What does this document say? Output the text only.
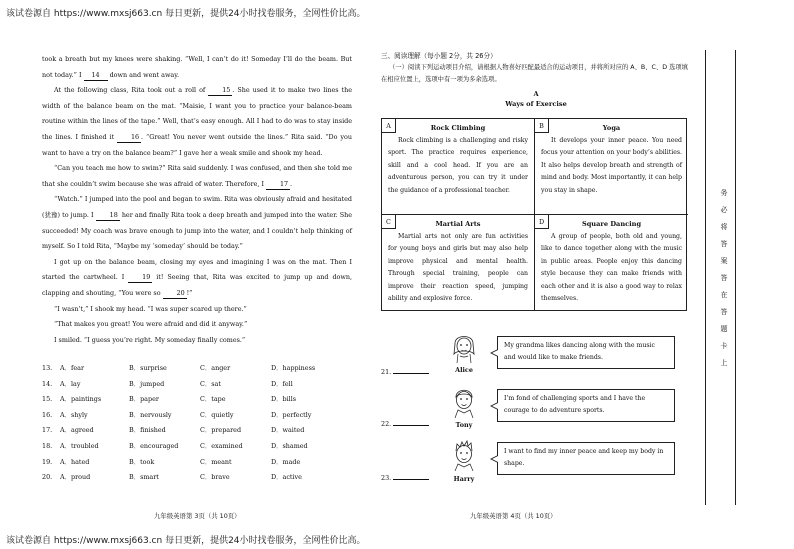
该试卷源自 https://www.mxsj663.cn 每日更新，提供24小时找卷服务，全网性价比高。

took a breath but my knees were shaking. “Well, I can’t do it! Someday I’ll do the beam. But not today.” I 14 down and went away.

At the following class, Rita took out a roll of 15 . She used it to make two lines the width of the balance beam on the mat. “Maisie, I want you to practice your balance-beam routine within the lines of the tape.” Well, that’s easy enough. All I had to do was to stay inside the lines. I finished it 16 . “Great! You never went outside the lines.” Rita said. “Do you want to have a try on the balance beam?” I gave her a weak smile and shook my head.

“Can you teach me how to swim?” Rita said suddenly. I was confused, and then she told me that she couldn’t swim because she was afraid of water. Therefore, I 17 .

“Watch.” I jumped into the pool and began to swim. Rita was obviously afraid and hesitated (犹豫) to jump. I 18 her and finally Rita took a deep breath and jumped into the water. She succeeded! My coach was brave enough to jump into the water, and I couldn’t help thinking of myself. So I told Rita, “Maybe my ‘someday’ should be today.”

I got up on the balance beam, closing my eyes and imagining I was on the mat. Then I started the cartwheel. I 19 it! Seeing that, Rita was excited to jump up and down, clapping and shouting, “You were so 20 !”

“I wasn’t,” I shook my head. “I was super scared up there.”

“That makes you great! You were afraid and did it anyway.”

I smiled. “I guess you’re right. My someday finally comes.”

13. A．fear	B．surprise	C．anger	D．happiness
14. A．lay	B．jumped	C．sat	D．fell
15. A．paintings	B．paper	C．tape	D．bills
16. A．shyly	B．nervously	C．quietly	D．perfectly
17. A．agreed	B．finished	C．prepared	D．waited
18. A．troubled	B．encouraged	C．examined	D．shamed
19. A．hated	B．took	C．meant	D．made
20. A．proud	B．smart	C．brave	D．active
九年级英语第 3页（共 10页）
三、阅读理解（每小题 2分，共 26分）
（一）阅读下列运动项目介绍，请根据人物喜好匹配最适合的运动项目，并将所对应的 A、B、C、D 选项填在相应位置上，选项中有一项为多余选项。
A
Ways of Exercise
A	Rock Climbing
Rock climbing is a challenging and risky sport. The practice requires experience, skill and a cool head. If you are an adventurous person, you can try it under the guidance of a professional teacher.
B	Yoga
It develops your inner peace. You need focus your attention on your body’s abilities. It also helps develop breath and strength of mind and body. Most importantly, it can help you stay in shape.
C	Martial Arts
Martial arts not only are fun activities for young boys and girls but may also help improve physical and mental health. Through special training, people can improve their reaction speed, jumping ability and explosive force.
D	Square Dancing
A group of people, both old and young, like to dance together along with the music in public areas. People enjoy this dancing style because they can make friends with each other and it is also a good way to relax themselves.
21.	Alice
My grandma likes dancing along with the music and would like to make friends.
22.	Tony
I’m fond of challenging sports and I have the courage to do adventure sports.
23.	Harry
I want to find my inner peace and keep my body in shape.
九年级英语第 4页（共 10页）
务
必
将
答
案
答
在
答
题
卡
上
该试卷源自 https://www.mxsj663.cn 每日更新，提供24小时找卷服务，全网性价比高。
